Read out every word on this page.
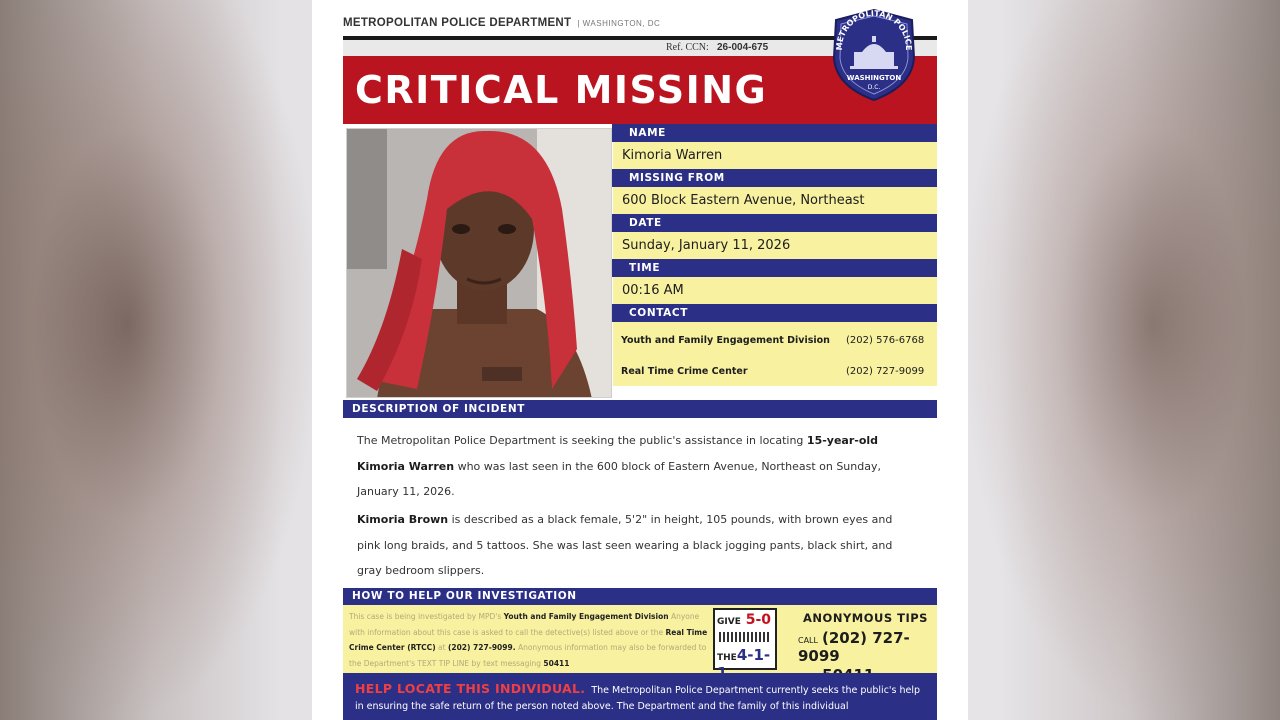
METROPOLITAN POLICE DEPARTMENT | WASHINGTON, DC
Ref. CCN: 26-004-675
CRITICAL MISSING
METROPOLITAN POLICE
WASHINGTON
D.C.
NAME
Kimoria Warren
MISSING FROM
600 Block Eastern Avenue, Northeast
DATE
Sunday, January 11, 2026
TIME
00:16 AM
CONTACT
Youth and Family Engagement Division (202) 576-6768
Real Time Crime Center	(202) 727-9099
DESCRIPTION OF INCIDENT
The Metropolitan Police Department is seeking the public's assistance in locating 15-year-old Kimoria Warren who was last seen in the 600 block of Eastern Avenue, Northeast on Sunday, January 11, 2026.
Kimoria Brown is described as a black female, 5'2" in height, 105 pounds, with brown eyes and pink long braids, and 5 tattoos. She was last seen wearing a black jogging pants, black shirt, and gray bedroom slippers.
HOW TO HELP OUR INVESTIGATION
This case is being investigated by MPD's Youth and Family Engagement Division Anyone with information about this case is asked to call the detective(s) listed above or the Real Time Crime Center (RTCC) at (202) 727-9099. Anonymous information may also be forwarded to the Department's TEXT TIP LINE by text messaging 50411
GIVE 5-0
THE4-1-
ANONYMOUS TIPS
CALL (202) 727-9099
HELP LOCATE THIS INDIVIDUAL. The Metropolitan Police Department currently seeks the public's help in ensuring the safe return of the person noted above. The Department and the family of this individual
